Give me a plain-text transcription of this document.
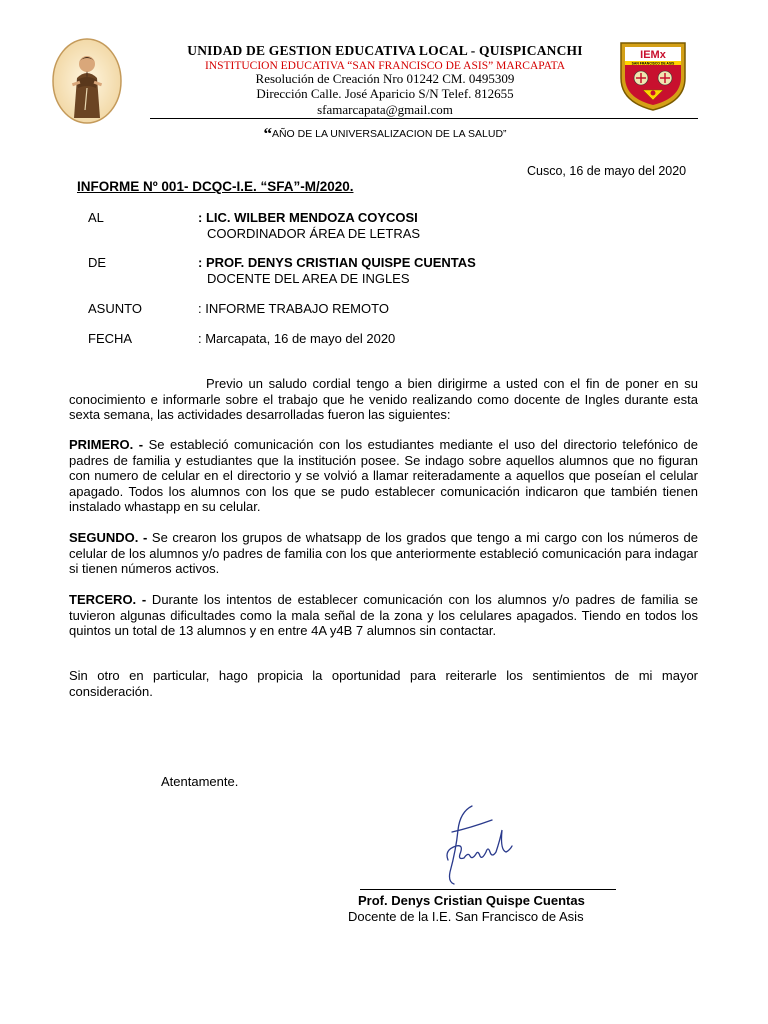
IEMx
SAN FRANCISCO DE ASIS
UNIDAD DE GESTION EDUCATIVA LOCAL - QUISPICANCHI
INSTITUCION EDUCATIVA “SAN FRANCISCO DE ASIS” MARCAPATA
Resolución de Creación Nro 01242 CM. 0495309
Dirección Calle. José Aparicio S/N Telef. 812655
sfamarcapata@gmail.com
“AÑO DE LA UNIVERSALIZACION DE LA SALUD”
Cusco, 16 de mayo del 2020
INFORME Nº 001- DCQC-I.E. “SFA”-M/2020.
AL	: LIC. WILBER MENDOZA COYCOSI
COORDINADOR ÁREA DE LETRAS
DE	: PROF. DENYS CRISTIAN QUISPE CUENTAS
DOCENTE DEL AREA DE INGLES
ASUNTO	: INFORME TRABAJO REMOTO
FECHA	: Marcapata, 16 de mayo del 2020
Previo un saludo cordial tengo a bien dirigirme a usted con el fin de poner en su conocimiento e informarle sobre el trabajo que he venido realizando como docente de Ingles durante esta sexta semana, las actividades desarrolladas fueron las siguientes:
PRIMERO. - Se estableció comunicación con los estudiantes mediante el uso del directorio telefónico de padres de familia y estudiantes que la institución posee. Se indago sobre aquellos alumnos que no figuran con numero de celular en el directorio y se volvió a llamar reiteradamente a aquellos que poseían el celular apagado. Todos los alumnos con los que se pudo establecer comunicación indicaron que también tienen instalado whastapp en su celular.
SEGUNDO. - Se crearon los grupos de whatsapp de los grados que tengo a mi cargo con los números de celular de los alumnos y/o padres de familia con los que anteriormente estableció comunicación para indagar si tienen números activos.
TERCERO. - Durante los intentos de establecer comunicación con los alumnos y/o padres de familia se tuvieron algunas dificultades como la mala señal de la zona y los celulares apagados. Tiendo en todos los quintos un total de 13 alumnos y en entre 4A y4B 7 alumnos sin contactar.
Sin otro en particular, hago propicia la oportunidad para reiterarle los sentimientos de mi mayor consideración.
Atentamente.
Prof. Denys Cristian Quispe Cuentas
Docente de la I.E. San Francisco de Asis
